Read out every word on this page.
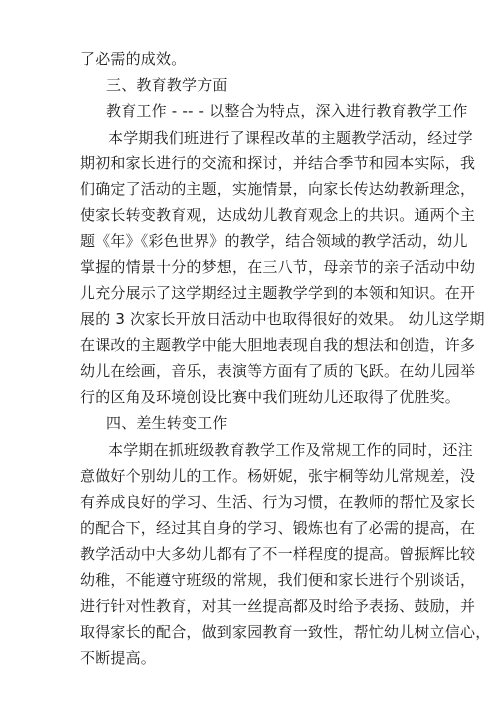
了必需的成效。
三、教育教学方面
教育工作 - -- - 以整合为特点，深入进行教育教学工作
本学期我们班进行了课程改革的主题教学活动，经过学
期初和家长进行的交流和探讨，并结合季节和园本实际，我
们确定了活动的主题，实施情景，向家长传达幼教新理念，
使家长转变教育观，达成幼儿教育观念上的共识。通两个主
题《年》《彩色世界》的教学，结合领域的教学活动，幼儿
掌握的情景十分的梦想，在三八节，母亲节的亲子活动中幼
儿充分展示了这学期经过主题教学学到的本领和知识。在开
展的 3 次家长开放日活动中也取得很好的效果。 幼儿这学期
在课改的主题教学中能大胆地表现自我的想法和创造，许多
幼儿在绘画，音乐，表演等方面有了质的飞跃。在幼儿园举
行的区角及环境创设比赛中我们班幼儿还取得了优胜奖。
四、差生转变工作
本学期在抓班级教育教学工作及常规工作的同时，还注
意做好个别幼儿的工作。杨妍妮，张宇桐等幼儿常规差，没
有养成良好的学习、生活、行为习惯，在教师的帮忙及家长
的配合下，经过其自身的学习、锻炼也有了必需的提高，在
教学活动中大多幼儿都有了不一样程度的提高。曾振辉比较
幼稚，不能遵守班级的常规，我们便和家长进行个别谈话，
进行针对性教育，对其一丝提高都及时给予表扬、鼓励，并
取得家长的配合，做到家园教育一致性，帮忙幼儿树立信心，
不断提高。
